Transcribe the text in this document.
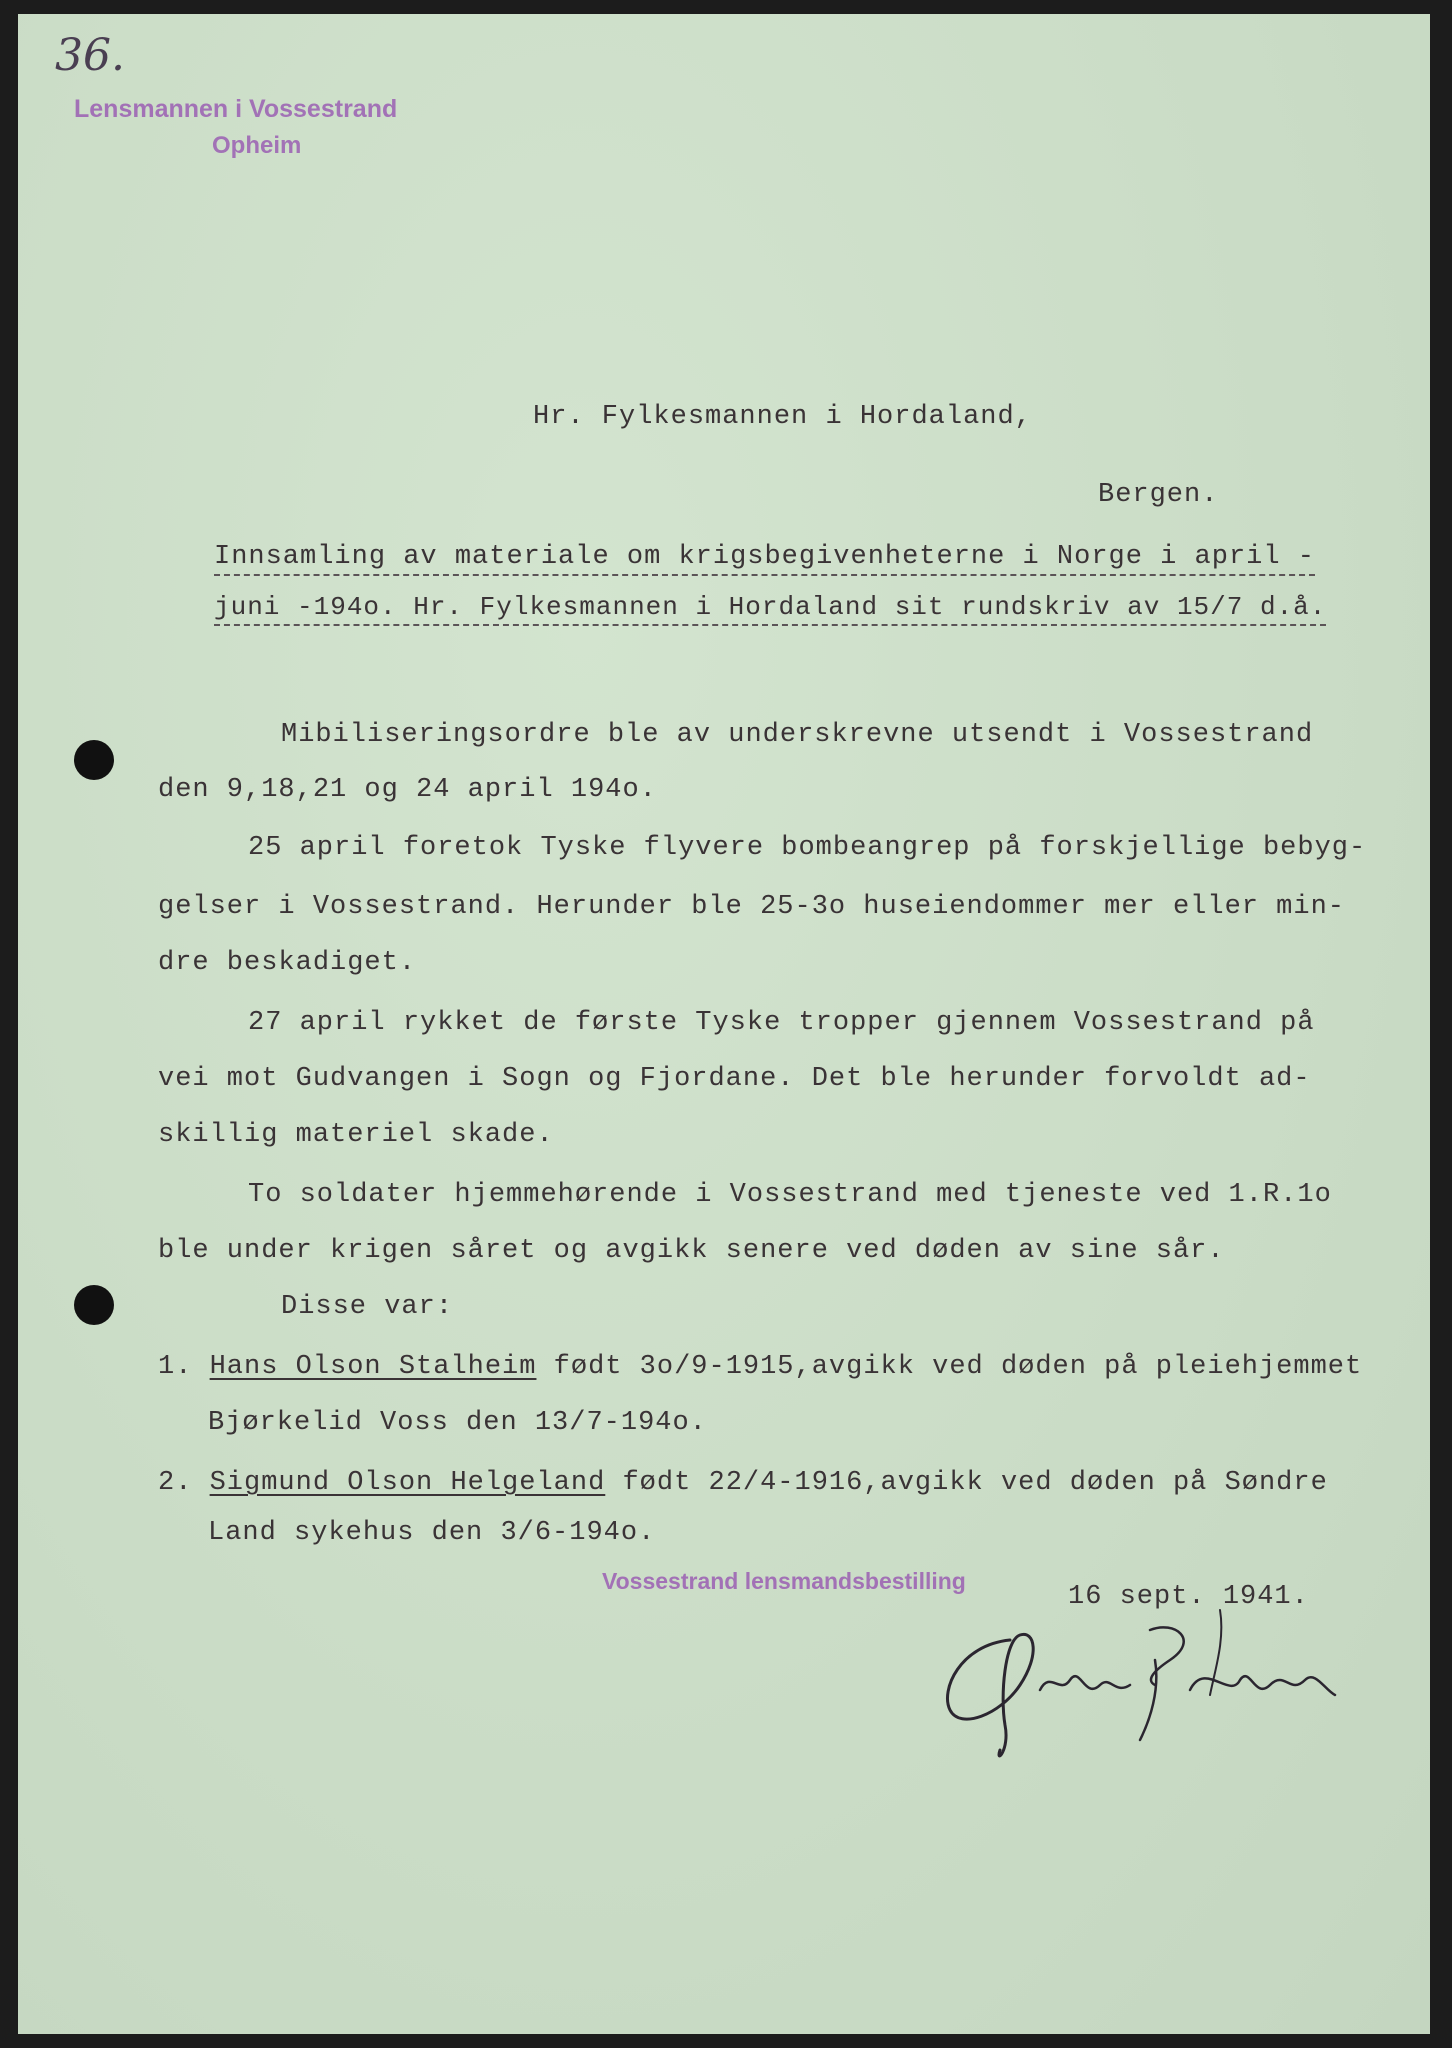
36.
Lensmannen i Vossestrand
Opheim
Hr. Fylkesmannen i Hordaland,
Bergen.
Innsamling av materiale om krigsbegivenheterne i Norge i april -
juni -194o. Hr. Fylkesmannen i Hordaland sit rundskriv av 15/7 d.å.
Mibiliseringsordre ble av underskrevne utsendt i Vossestrand
den 9,18,21 og 24 april 194o.
25 april foretok Tyske flyvere bombeangrep på forskjellige bebyg-
gelser i Vossestrand. Herunder ble 25-3o huseiendommer mer eller min-
dre beskadiget.
27 april rykket de første Tyske tropper gjennem Vossestrand på
vei mot Gudvangen i Sogn og Fjordane. Det ble herunder forvoldt ad-
skillig materiel skade.
To soldater hjemmehørende i Vossestrand med tjeneste ved 1.R.1o
ble under krigen såret og avgikk senere ved døden av sine sår.
Disse var:
1. Hans Olson Stalheim født 3o/9-1915,avgikk ved døden på pleiehjemmet
Bjørkelid Voss den 13/7-194o.
2. Sigmund Olson Helgeland født 22/4-1916,avgikk ved døden på Søndre
Land sykehus den 3/6-194o.
Vossestrand lensmandsbestilling
16 sept. 1941.
